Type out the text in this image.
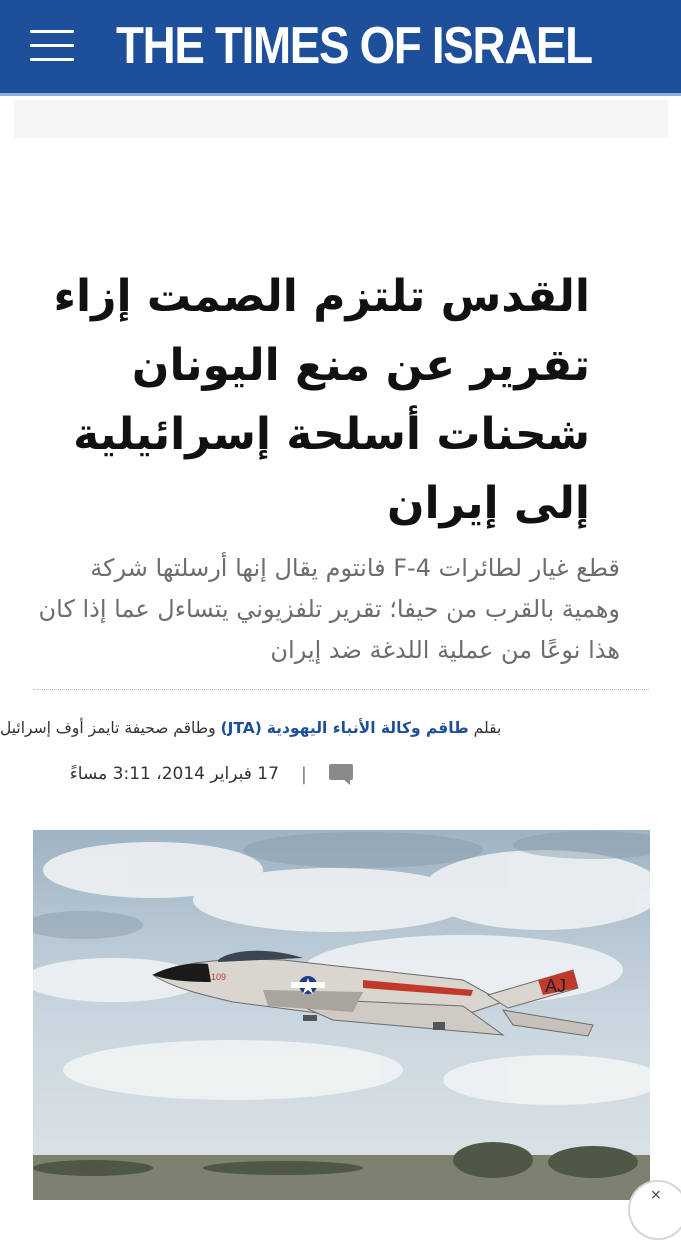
THE TIMES OF ISRAEL
القدس تلتزم الصمت إزاء تقرير عن منع اليونان شحنات أسلحة إسرائيلية إلى إيران

قطع غيار لطائرات F-4 فانتوم يقال إنها أرسلتها شركة وهمية بالقرب من حيفا؛ تقرير تلفزيوني يتساءل عما إذا كان هذا نوعًا من عملية اللدغة ضد إيران

بقلم طاقم وكالة الأنباء اليهودية (JTA) وطاقم صحيفة تايمز أوف إسرائيل
|
17 فبراير 2014، 3:11 مساءً
AJ
109
⨯
